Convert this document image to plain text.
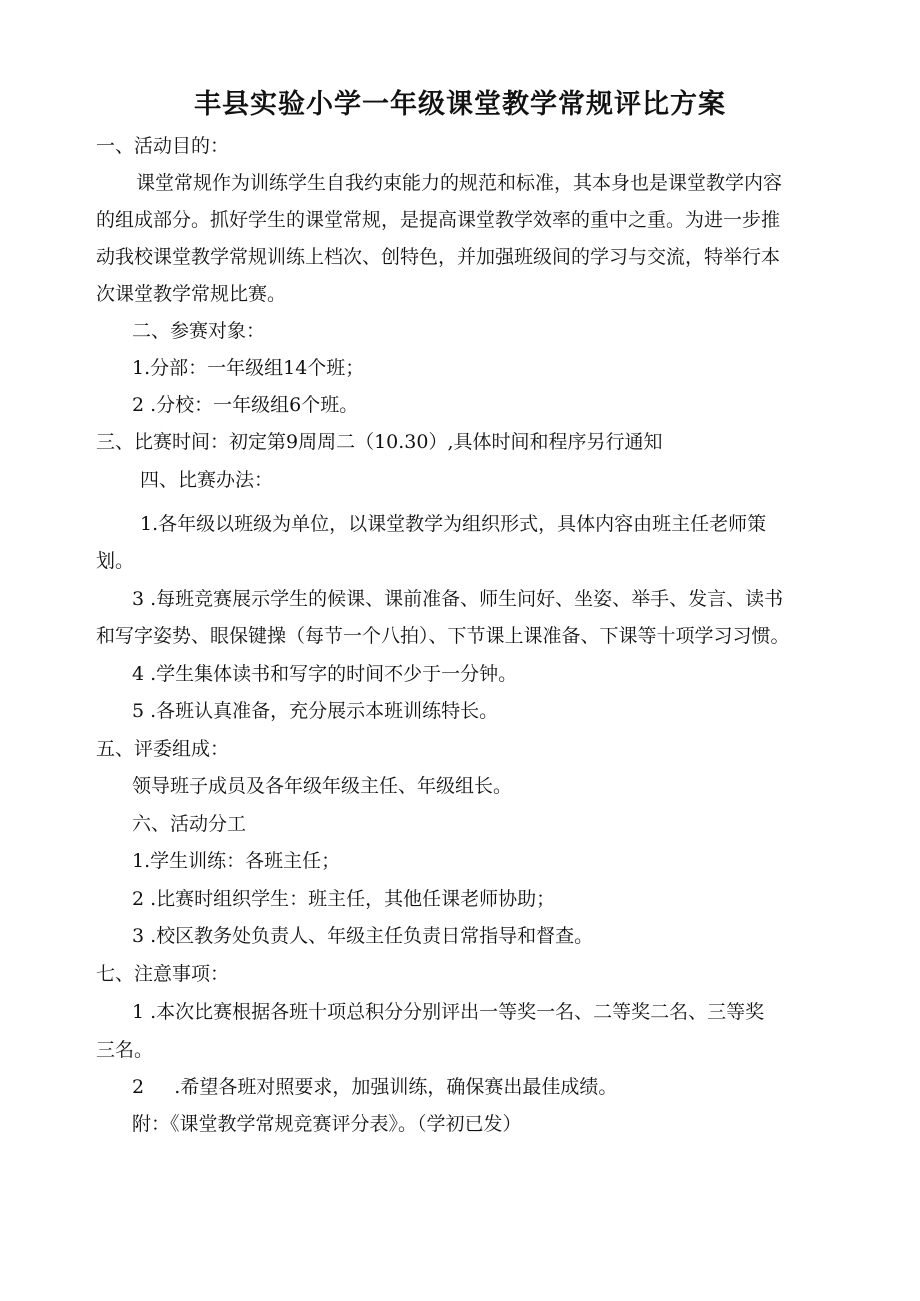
丰县实验小学一年级课堂教学常规评比方案
一、活动目的：
课堂常规作为训练学生自我约束能力的规范和标准，其本身也是课堂教学内容
的组成部分。抓好学生的课堂常规，是提高课堂教学效率的重中之重。为进一步推
动我校课堂教学常规训练上档次、创特色，并加强班级间的学习与交流，特举行本
次课堂教学常规比赛。
二、参赛对象：
1.分部：一年级组14个班；
2 .分校：一年级组6个班。
三、比赛时间：初定第9周周二（10.30）,具体时间和程序另行通知
四、比赛办法：
1.各年级以班级为单位，以课堂教学为组织形式，具体内容由班主任老师策
划。
3 .每班竞赛展示学生的候课、课前准备、师生问好、坐姿、举手、发言、读书
和写字姿势、眼保键操（每节一个八拍）、下节课上课准备、下课等十项学习习惯。
4 .学生集体读书和写字的时间不少于一分钟。
5 .各班认真准备，充分展示本班训练特长。
五、评委组成：
领导班子成员及各年级年级主任、年级组长。
六、活动分工
1.学生训练：各班主任；
2 .比赛时组织学生：班主任，其他任课老师协助；
3 .校区教务处负责人、年级主任负责日常指导和督查。
七、注意事项：
1 .本次比赛根据各班十项总积分分别评出一等奖一名、二等奖二名、三等奖
三名。
2     .希望各班对照要求，加强训练，确保赛出最佳成绩。
附：《课堂教学常规竞赛评分表》。（学初已发）
